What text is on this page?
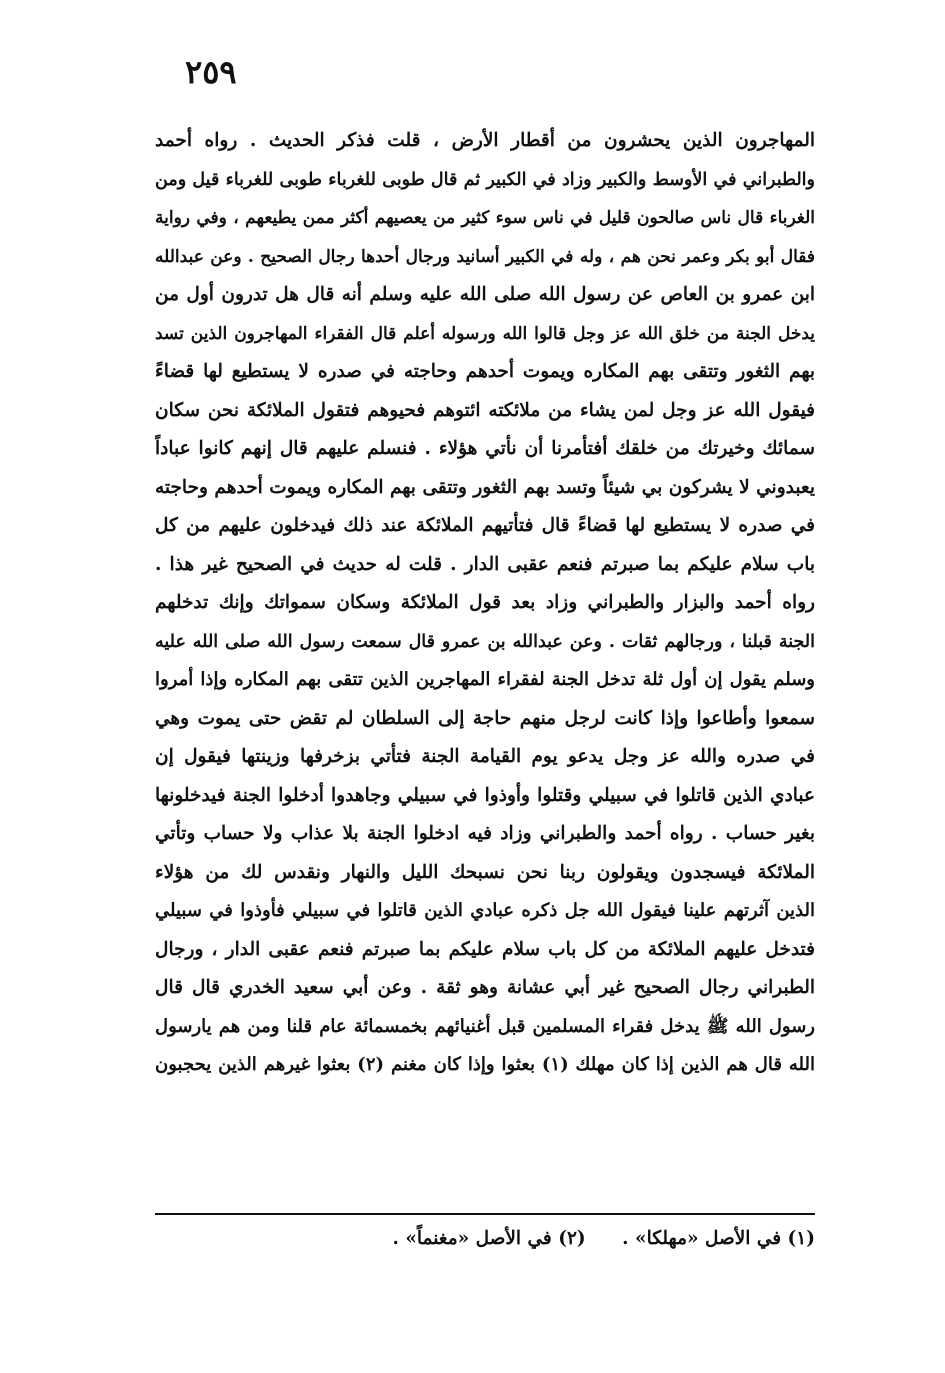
٢٥٩
المهاجرون الذين يحشرون من أقطار الأرض ، قلت فذكر الحديث . رواه أحمد
والطبراني في الأوسط والكبير وزاد في الكبير ثم قال طوبى للغرباء طوبى للغرباء قيل ومن
الغرباء قال ناس صالحون قليل في ناس سوء كثير من يعصيهم أكثر ممن يطيعهم ، وفي رواية
فقال أبو بكر وعمر نحن هم ، وله في الكبير أسانيد ورجال أحدها رجال الصحيح . وعن عبدالله
ابن عمرو بن العاص عن رسول الله صلى الله عليه وسلم أنه قال هل تدرون أول من
يدخل الجنة من خلق الله عز وجل قالوا الله ورسوله أعلم قال الفقراء المهاجرون الذين تسد
بهم الثغور وتتقى بهم المكاره ويموت أحدهم وحاجته في صدره لا يستطيع لها قضاءً
فيقول الله عز وجل لمن يشاء من ملائكته ائتوهم فحيوهم فتقول الملائكة نحن سكان
سمائك وخيرتك من خلقك أفتأمرنا أن نأتي هؤلاء . فنسلم عليهم قال إنهم كانوا عباداً
يعبدوني لا يشركون بي شيئاً وتسد بهم الثغور وتتقى بهم المكاره ويموت أحدهم وحاجته
في صدره لا يستطيع لها قضاءً قال فتأتيهم الملائكة عند ذلك فيدخلون عليهم من كل
باب سلام عليكم بما صبرتم فنعم عقبى الدار . قلت له حديث في الصحيح غير هذا .
رواه أحمد والبزار والطبراني وزاد بعد قول الملائكة وسكان سمواتك وإنك تدخلهم
الجنة قبلنا ، ورجالهم ثقات . وعن عبدالله بن عمرو قال سمعت رسول الله صلى الله عليه
وسلم يقول إن أول ثلة تدخل الجنة لفقراء المهاجرين الذين تتقى بهم المكاره وإذا أمروا
سمعوا وأطاعوا وإذا كانت لرجل منهم حاجة إلى السلطان لم تقض حتى يموت وهي
في صدره والله عز وجل يدعو يوم القيامة الجنة فتأتي بزخرفها وزينتها فيقول إن
عبادي الذين قاتلوا في سبيلي وقتلوا وأوذوا في سبيلي وجاهدوا أدخلوا الجنة فيدخلونها
بغير حساب . رواه أحمد والطبراني وزاد فيه ادخلوا الجنة بلا عذاب ولا حساب وتأتي
الملائكة فيسجدون ويقولون ربنا نحن نسبحك الليل والنهار ونقدس لك من هؤلاء
الذين آثرتهم علينا فيقول الله جل ذكره عبادي الذين قاتلوا في سبيلي فأوذوا في سبيلي
فتدخل عليهم الملائكة من كل باب سلام عليكم بما صبرتم فنعم عقبى الدار ، ورجال
الطبراني رجال الصحيح غير أبي عشانة وهو ثقة . وعن أبي سعيد الخدري قال قال
رسول الله ﷺ يدخل فقراء المسلمين قبل أغنيائهم بخمسمائة عام قلنا ومن هم يارسول
الله قال هم الذين إذا كان مهلك (١) بعثوا وإذا كان مغنم (٢) بعثوا غيرهم الذين يحجبون
(١) في الأصل «مهلكا» . (٢) في الأصل «مغنماً» .
